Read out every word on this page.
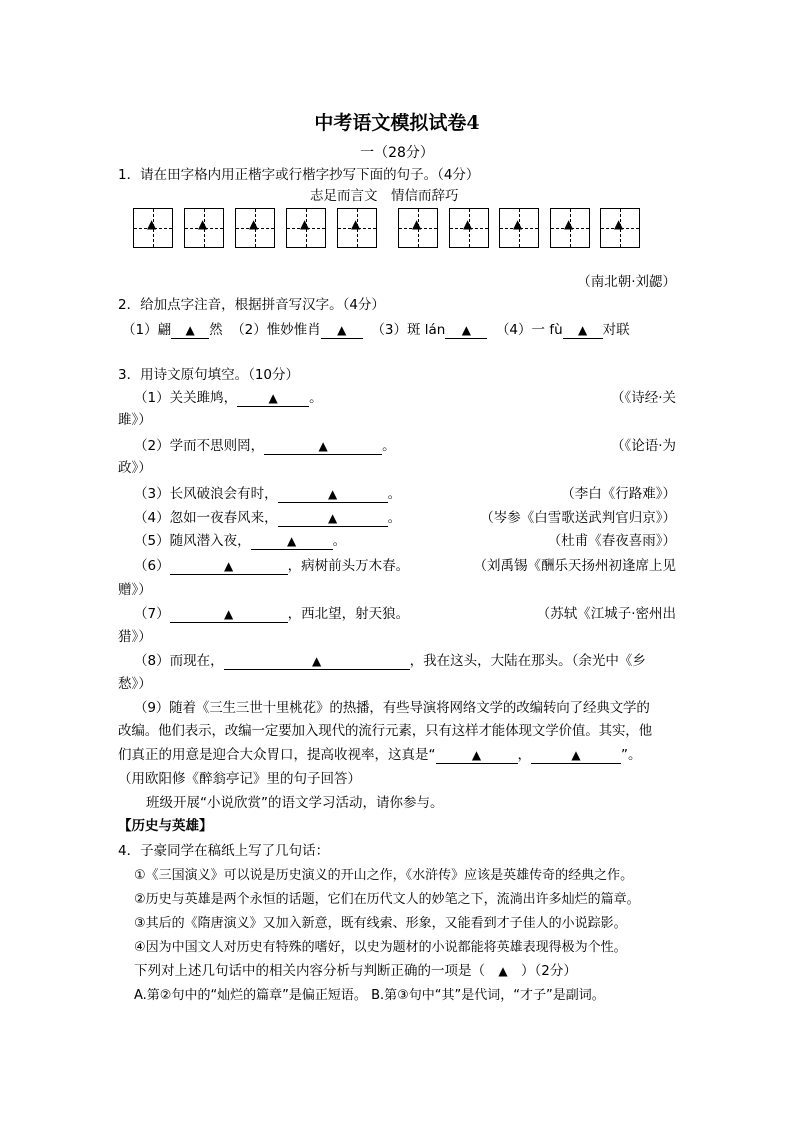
中考语文模拟试卷4
一（28分）
1．请在田字格内用正楷字或行楷字抄写下面的句子。（4分）
志足而言文　情信而辞巧
▲	▲	▲	▲	▲	▲	▲	▲	▲	▲
（南北朝·刘勰）
2．给加点字注音，根据拼音写汉字。（4分）
（1）翩 ▲ 然 （2）惟妙惟肖 ▲ （3）斑 lán ▲ （4）一 fù ▲ 对联
3．用诗文原句填空。（10分）
（1）关关雎鸠，	▲ 。	（《诗经·关
雎》）
（2）学而不思则罔，	▲	。	（《论语·为
政》）
（3）长风破浪会有时，	▲	。	（李白《行路难》）
（4）忽如一夜春风来，	▲	。	（岑参《白雪歌送武判官归京》）
（5）随风潜入夜，	▲	。	（杜甫《春夜喜雨》）
（6）	▲	，病树前头万木春。	（刘禹锡《酬乐天扬州初逢席上见
赠》）
（7）	▲	，西北望，射天狼。	（苏轼《江城子·密州出
猎》）
（8）而现在，	▲	，我在这头，大陆在那头。（余光中《乡
愁》）
（9）随着《三生三世十里桃花》的热播，有些导演将网络文学的改编转向了经典文学的
改编。他们表示，改编一定要加入现代的流行元素，只有这样才能体现文学价值。其实，他
们真正的用意是迎合大众胃口，提高收视率，这真是“	▲	，	▲	”。
（用欧阳修《醉翁亭记》里的句子回答）
班级开展“小说欣赏”的语文学习活动，请你参与。
【历史与英雄】
4．子豪同学在稿纸上写了几句话：
①《三国演义》可以说是历史演义的开山之作，《水浒传》应该是英雄传奇的经典之作。
②历史与英雄是两个永恒的话题，它们在历代文人的妙笔之下，流淌出许多灿烂的篇章。
③其后的《隋唐演义》又加入新意，既有线索、形象，又能看到才子佳人的小说踪影。
④因为中国文人对历史有特殊的嗜好，以史为题材的小说都能将英雄表现得极为个性。
下列对上述几句话中的相关内容分析与判断正确的一项是（ ▲ ）（2分）
A.第②句中的“灿烂的篇章”是偏正短语。 B.第③句中“其”是代词，“才子”是副词。
